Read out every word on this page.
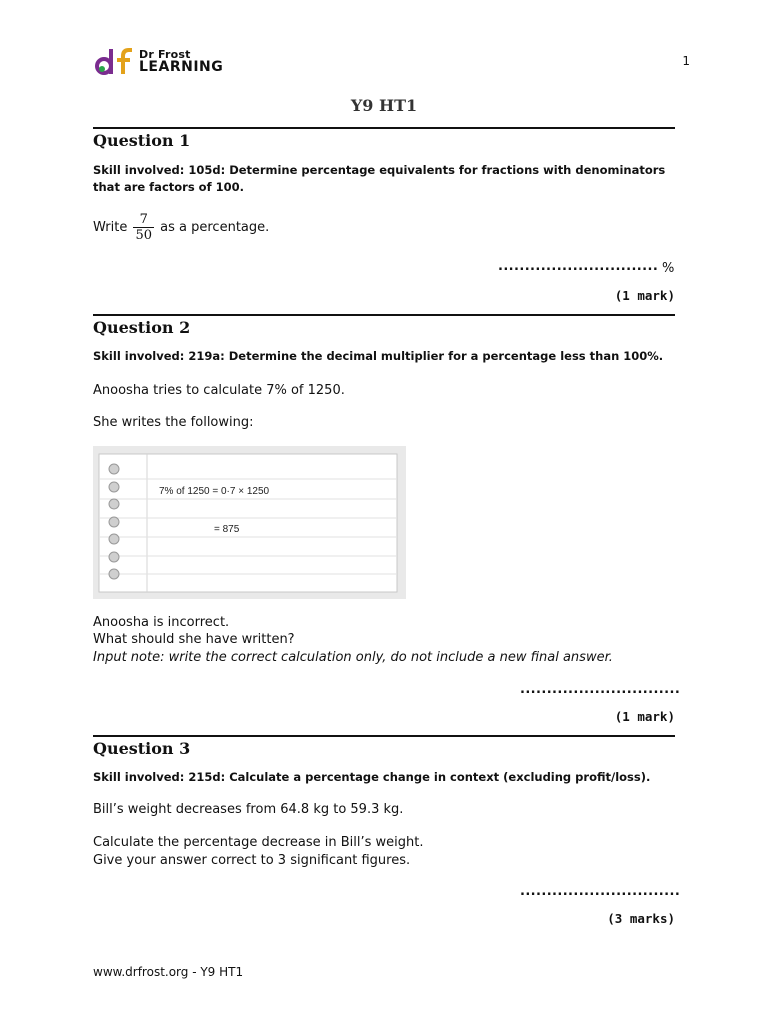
Dr Frost
LEARNING	1
Y9 HT1
Question 1
Skill involved: 105d: Determine percentage equivalents for fractions with denominators that are factors of 100.
Write $\frac{7}{50}$ as a percentage.
.............................. %
(1 mark)
Question 2
Skill involved: 219a: Determine the decimal multiplier for a percentage less than 100%.
Anoosha tries to calculate 7% of 1250.
She writes the following:
7% of 1250 = 0·7 × 1250
= 875
Anoosha is incorrect.
What should she have written?
Input note: write the correct calculation only, do not include a new final answer.
..............................
(1 mark)
Question 3
Skill involved: 215d: Calculate a percentage change in context (excluding profit/loss).
Bill’s weight decreases from 64.8 kg to 59.3 kg.
Calculate the percentage decrease in Bill’s weight.
Give your answer correct to 3 significant figures.
..............................
(3 marks)
www.drfrost.org - Y9 HT1
